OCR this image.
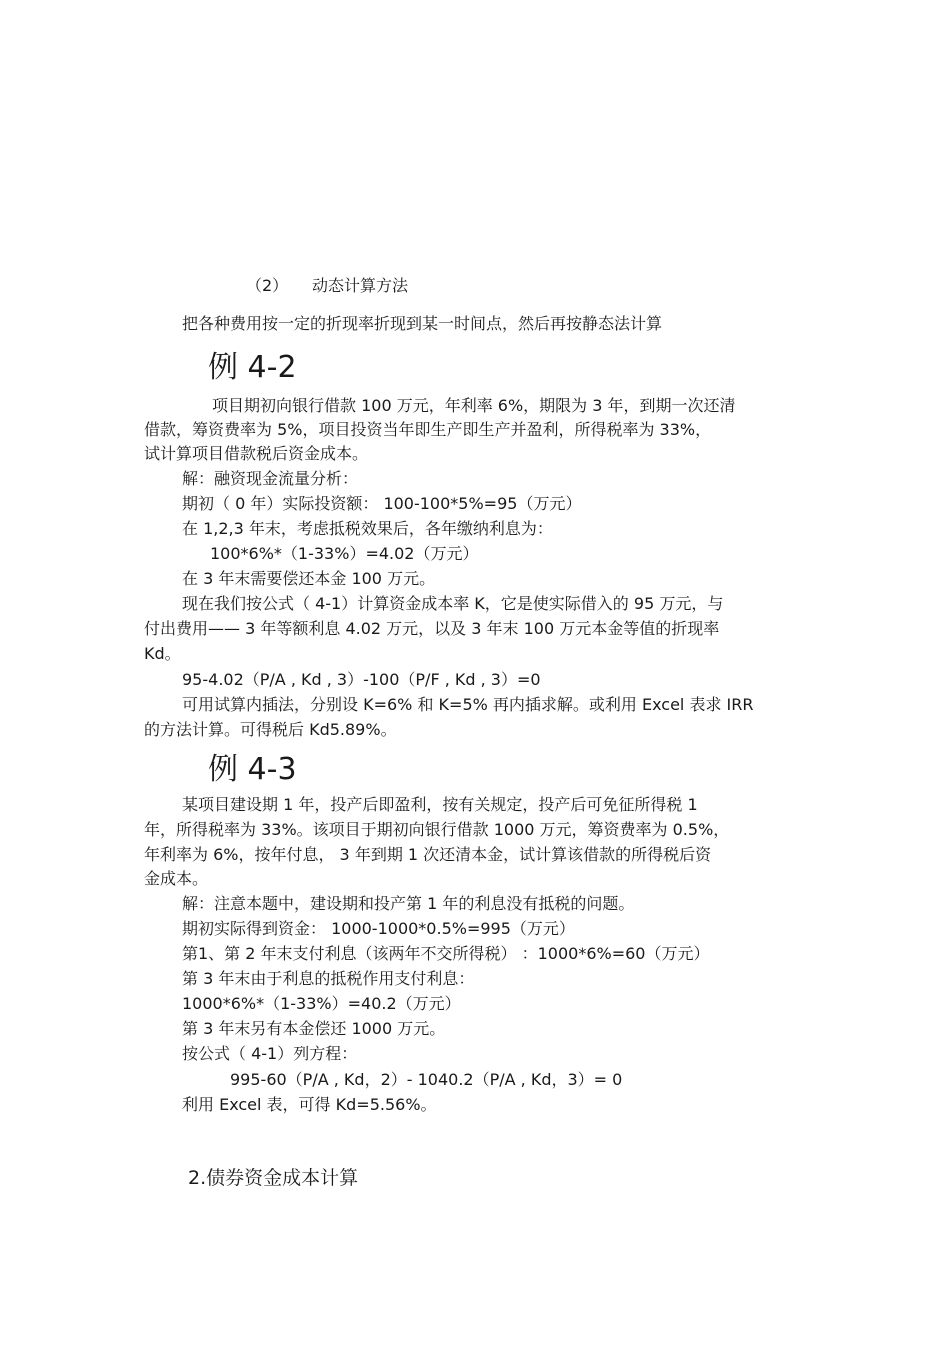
（2） 动态计算方法
把各种费用按一定的折现率折现到某一时间点，然后再按静态法计算
例 4-2
项目期初向银行借款 100 万元，年利率 6%，期限为 3 年，到期一次还清
借款，筹资费率为 5%，项目投资当年即生产即生产并盈利，所得税率为 33%，
试计算项目借款税后资金成本。
解：融资现金流量分析：
期初（ 0 年）实际投资额： 100-100*5%=95（万元）
在 1,2,3 年末，考虑抵税效果后，各年缴纳利息为：
100*6%*（1-33%）=4.02（万元）
在 3 年末需要偿还本金 100 万元。
现在我们按公式（ 4-1）计算资金成本率 K，它是使实际借入的 95 万元，与
付出费用—— 3 年等额利息 4.02 万元，以及 3 年末 100 万元本金等值的折现率
Kd。
95-4.02（P/A , Kd , 3）-100（P/F , Kd , 3）=0
可用试算内插法，分别设 K=6% 和 K=5% 再内插求解。或利用 Excel 表求 IRR
的方法计算。可得税后 Kd5.89%。
例 4-3
某项目建设期 1 年，投产后即盈利，按有关规定，投产后可免征所得税 1
年，所得税率为 33%。该项目于期初向银行借款 1000 万元，筹资费率为 0.5%，
年利率为 6%，按年付息， 3 年到期 1 次还清本金，试计算该借款的所得税后资
金成本。
解：注意本题中，建设期和投产第 1 年的利息没有抵税的问题。
期初实际得到资金： 1000-1000*0.5%=995（万元）
第1、第 2 年末支付利息（该两年不交所得税） ：1000*6%=60（万元）
第 3 年末由于利息的抵税作用支付利息：
1000*6%*（1-33%）=40.2（万元）
第 3 年末另有本金偿还 1000 万元。
按公式（ 4-1）列方程：
995-60（P/A , Kd，2）- 1040.2（P/A , Kd，3）= 0
利用 Excel 表，可得 Kd=5.56%。
2.债券资金成本计算
